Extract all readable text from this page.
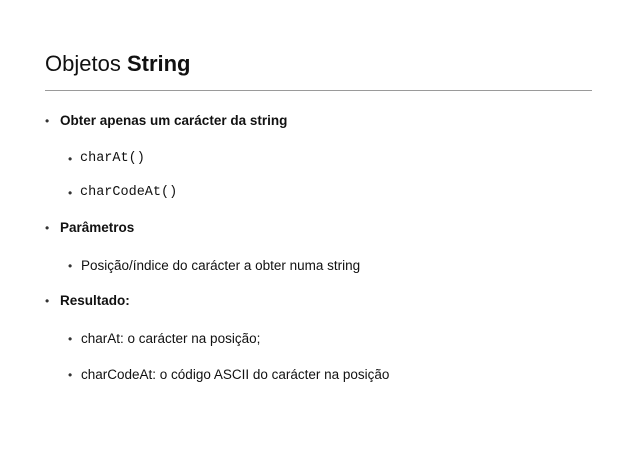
Objetos String
• Obter apenas um carácter da string
• charAt()
• charCodeAt()
• Parâmetros
• Posição/índice do carácter a obter numa string
• Resultado:
• charAt: o carácter na posição;
• charCodeAt: o código ASCII do carácter na posição
